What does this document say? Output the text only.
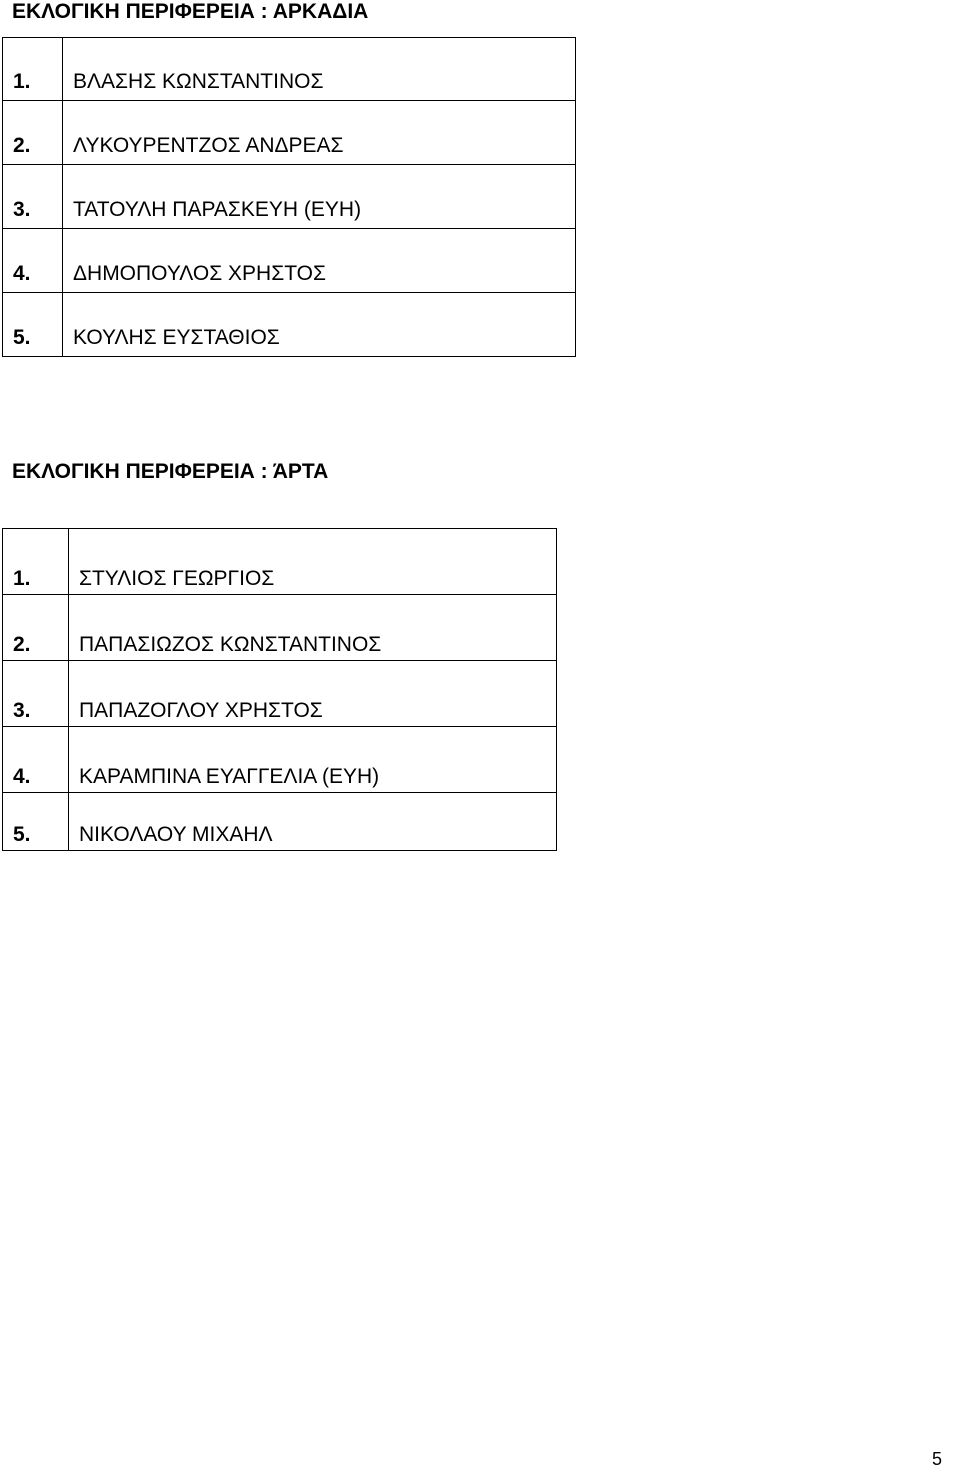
ΕΚΛΟΓΙΚΗ ΠΕΡΙΦΕΡΕΙΑ : ΑΡΚΑΔΙΑ
1.	ΒΛΑΣΗΣ ΚΩΝΣΤΑΝΤΙΝΟΣ
2.	ΛΥΚΟΥΡΕΝΤΖΟΣ ΑΝΔΡΕΑΣ
3.	ΤΑΤΟΥΛΗ ΠΑΡΑΣΚΕΥΗ (ΕΥΗ)
4.	ΔΗΜΟΠΟΥΛΟΣ ΧΡΗΣΤΟΣ
5.	ΚΟΥΛΗΣ ΕΥΣΤΑΘΙΟΣ
ΕΚΛΟΓΙΚΗ ΠΕΡΙΦΕΡΕΙΑ : ΆΡΤΑ
1.	ΣΤΥΛΙΟΣ ΓΕΩΡΓΙΟΣ
2.	ΠΑΠΑΣΙΩΖΟΣ ΚΩΝΣΤΑΝΤΙΝΟΣ
3.	ΠΑΠΑΖΟΓΛΟΥ ΧΡΗΣΤΟΣ
4.	ΚΑΡΑΜΠΙΝΑ ΕΥΑΓΓΕΛΙΑ (ΕΥΗ)
5.	ΝΙΚΟΛΑΟΥ ΜΙΧΑΗΛ
5
